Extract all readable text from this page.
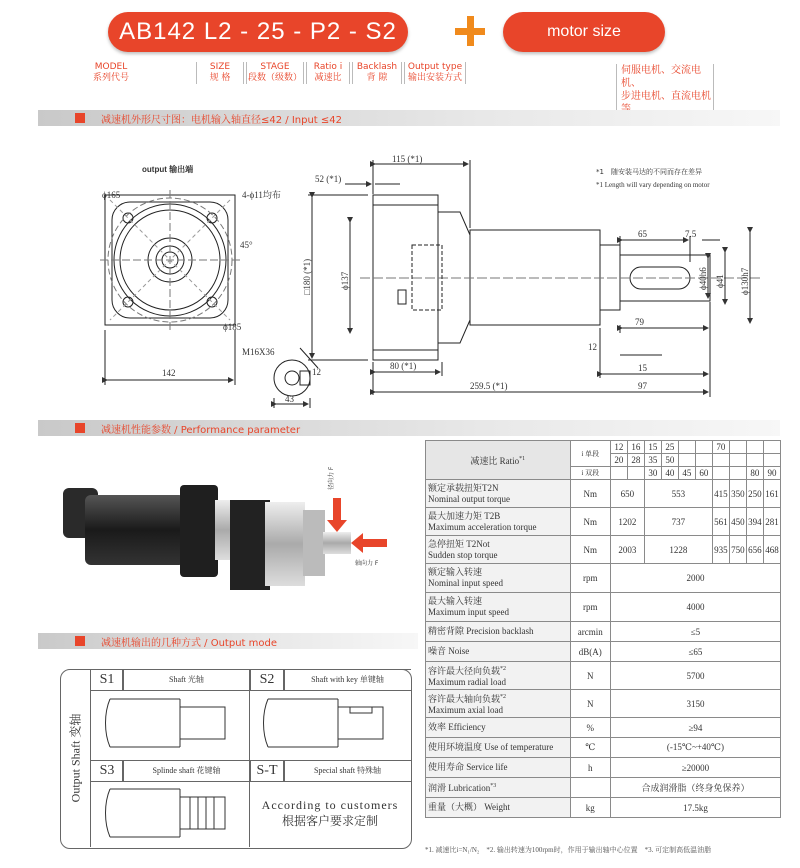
AB142 L2 - 25 - P2 - S2	motor size
MODEL
系列代号
SIZE
规 格
STAGE
段数（级数）
Ratio i
减速比
Backlash
背 隙
Output type
输出安装方式
伺服电机、交流电机、
步进电机、直流电机
减速机外形尺寸图：电机输入轴直径≤42 / Input ≤42
output 输出端
ϕ165	4-ϕ11均布
45°
ϕ185
142
M16X36
12
43
115 (*1)
52 (*1)
□180 (*1)	ϕ137
80 (*1)
259.5 (*1)
65	7.5
ϕ40h6 ϕ41 ϕ130h7
79
12
15
97
*1　随安装马达的不同而存在差异
*1 Length will vary depending on motor
减速机性能参数 / Performance parameter
径向力 F
轴向力 F
减速比 Ratio$^{*1}$	i 单段	12	16	15	25			70			
		20	28	35	50						
	i 双段			30	40	45	60			80	90

额定承载扭矩T2N
Nominal output torque	Nm	650		553				415	350	250	161

最大加速力矩 T2B
Maximum acceleration torque	Nm	1202		737				561	450	394	281

急停扭矩 T2Not
Sudden stop torque	Nm	2003		1228				935	750	656	468

额定输入转速
Nominal input speed	rpm	2000									

最大输入转速
Maximum input speed	rpm	4000									
精密背隙 Precision backlash	arcmin	≤5									
噪音 Noise	dB(A)	≤65									

容许最大径向负载$^{*2}$
Maximum radial load	N	5700									

容许最大轴向负载$^{*2}$
Maximum axial load	N	3150									
效率 Efficiency	%	≥94									
使用环境温度 Use of temperature	℃	(-15℃~+40℃)									
使用寿命 Service life	h	≥20000									
润滑 Lubrication$^{*3}$		合成润滑脂（终身免保养）									
重量（大概） Weight	kg	17.5kg									
*1. 减速比i=N₁/N₂　*2. 输出转速为100rpm时，作用于输出轴中心位置　*3. 可定制高低温油脂
减速机输出的几种方式 / Output mode
Output Shaft 变轴
S1	Shaft 光轴	S2	Shaft with key 单键轴
S3	Splinde shaft 花键轴	S-T	Special shaft 特殊轴
According to customers
根据客户要求定制
